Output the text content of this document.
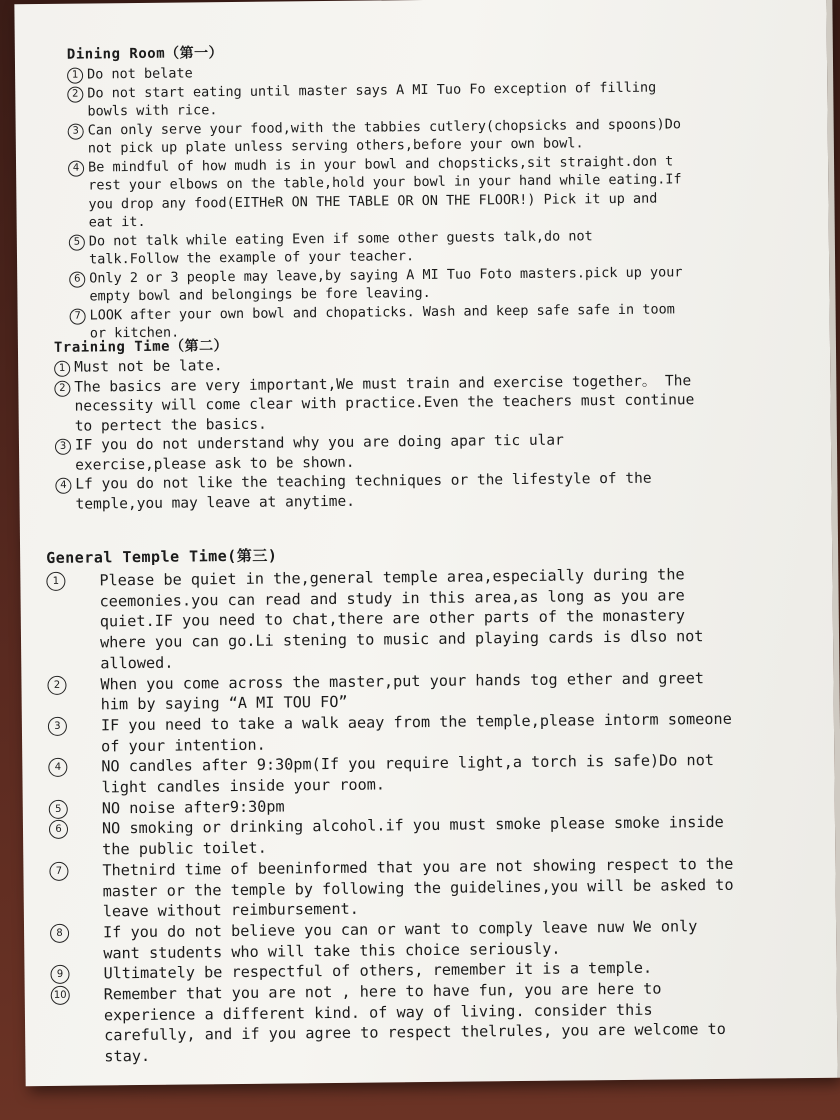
Dining Room（第一）
1 Do not belate
2 Do not start eating until master says A MI Tuo Fo exception of filling bowls with rice.
3 Can only serve your food,with the tabbies cutlery(chopsicks and spoons)Do not pick up plate unless serving others,before your own bowl.
4 Be mindful of how mudh is in your bowl and chopsticks,sit straight.don t rest your elbows on the table,hold your bowl in your hand while eating.If you drop any food(EITHeR ON THE TABLE OR ON THE FLOOR!) Pick it up and eat it.
5 Do not talk while eating Even if some other guests talk,do not talk.Follow the example of your teacher.
6 Only 2 or 3 people may leave,by saying A MI Tuo Foto masters.pick up your empty bowl and belongings be fore leaving.
7 LOOK after your own bowl and chopaticks. Wash and keep safe safe in toom or kitchen.
Training Time（第二）
1 Must not be late.
2 The basics are very important,We must train and exercise together。 The necessity will come clear with practice.Even the teachers must continue to pertect the basics.
3 IF you do not understand why you are doing apar tic ular exercise,please ask to be shown.
4 Lf you do not like the teaching techniques or the lifestyle of the temple,you may leave at anytime.
General Temple Time(第三)
1	Please be quiet in the,general temple area,especially during the ceemonies.you can read and study in this area,as long as you are quiet.IF you need to chat,there are other parts of the monastery where you can go.Li stening to music and playing cards is dlso not allowed.
2	When you come across the master,put your hands tog ether and greet him by saying “A MI TOU FO”
3	IF you need to take a walk aeay from the temple,please intorm someone of your intention.
4	NO candles after 9:30pm(If you require light,a torch is safe)Do not light candles inside your room.
5	NO noise after9:30pm
6	NO smoking or drinking alcohol.if you must smoke please smoke inside the public toilet.
7	Thetnird time of beeninformed that you are not showing respect to the master or the temple by following the guidelines,you will be asked to leave without reimbursement.
8	If you do not believe you can or want to comply leave nuw We only want students who will take this choice seriously.
9	Ultimately be respectful of others, remember it is a temple.
10 Remember that you are not , here to have fun, you are here to experience a different kind. of way of living. consider this carefully, and if you agree to respect thelrules, you are welcome to stay.
